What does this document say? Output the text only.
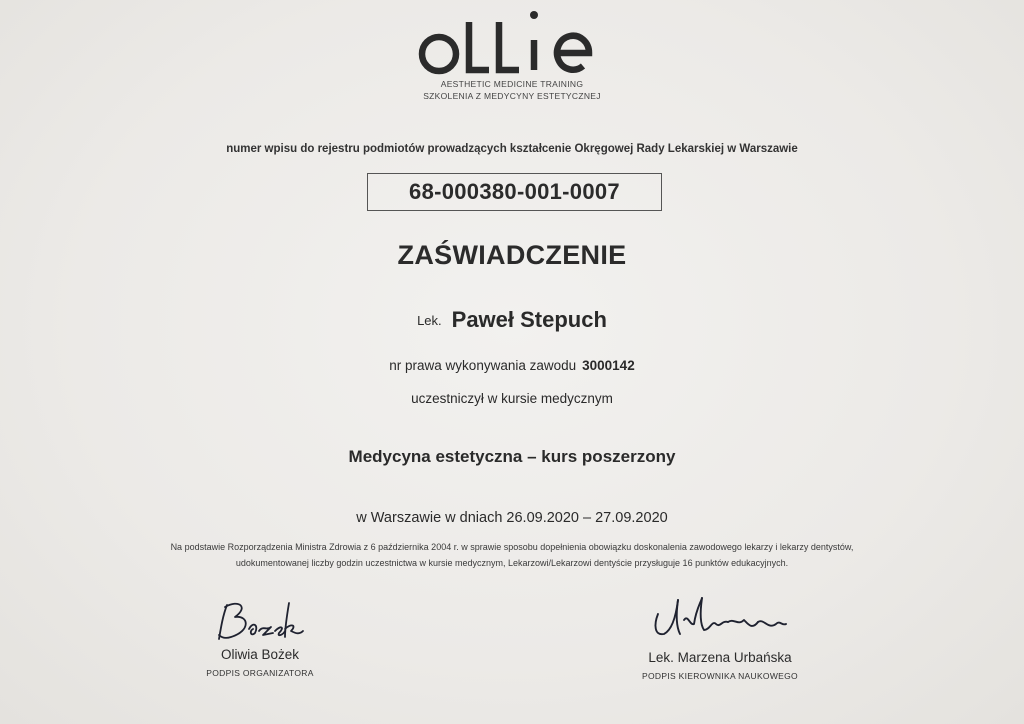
AESTHETIC MEDICINE TRAINING
SZKOLENIA Z MEDYCYNY ESTETYCZNEJ
numer wpisu do rejestru podmiotów prowadzących kształcenie Okręgowej Rady Lekarskiej w Warszawie
68-000380-001-0007
ZAŚWIADCZENIE
Lek. Paweł Stepuch
nr prawa wykonywania zawodu 3000142
uczestniczył w kursie medycznym
Medycyna estetyczna – kurs poszerzony
w Warszawie w dniach 26.09.2020 – 27.09.2020
Na podstawie Rozporządzenia Ministra Zdrowia z 6 października 2004 r. w sprawie sposobu dopełnienia obowiązku doskonalenia zawodowego lekarzy i lekarzy dentystów,
udokumentowanej liczby godzin uczestnictwa w kursie medycznym, Lekarzowi/Lekarzowi dentyście przysługuje 16 punktów edukacyjnych.
Oliwia Bożek
PODPIS ORGANIZATORA
Lek. Marzena Urbańska
PODPIS KIEROWNIKA NAUKOWEGO
